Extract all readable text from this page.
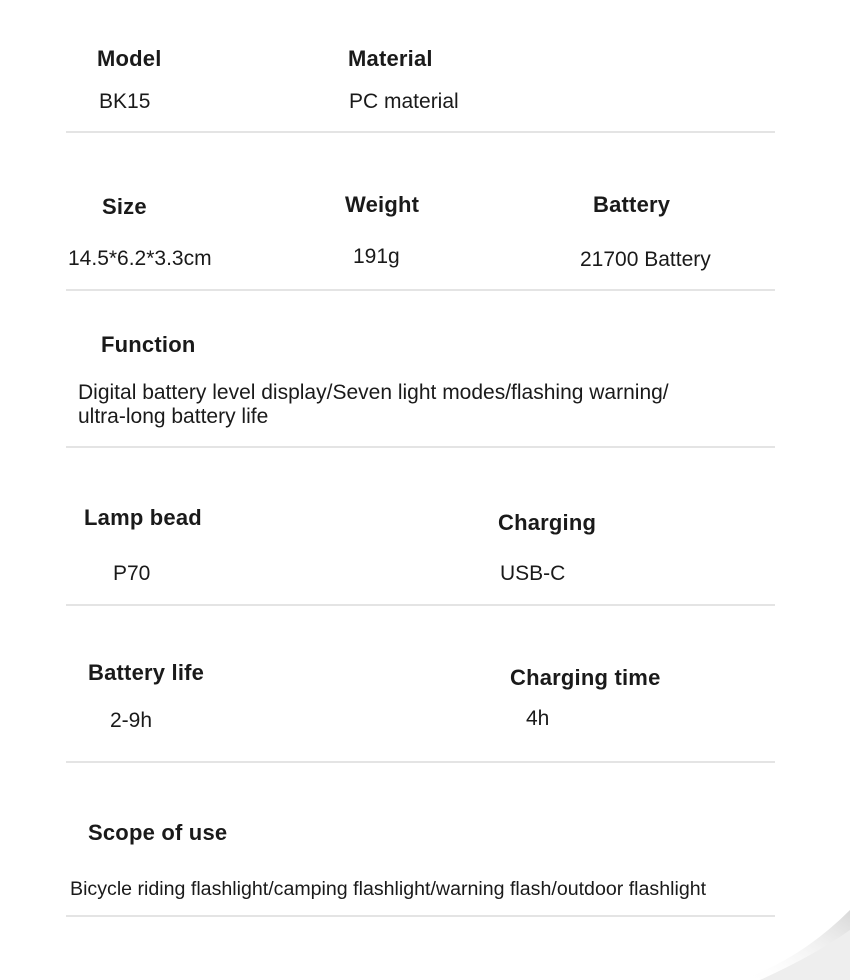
Model
BK15
Material
PC material
Size
14.5*6.2*3.3cm
Weight
191g
Battery
21700 Battery
Function
Digital battery level display/Seven light modes/flashing warning/
ultra-long battery life
Lamp bead
P70
Charging
USB-C
Battery life
2-9h
Charging time
4h
Scope of use
Bicycle riding flashlight/camping flashlight/warning flash/outdoor flashlight
